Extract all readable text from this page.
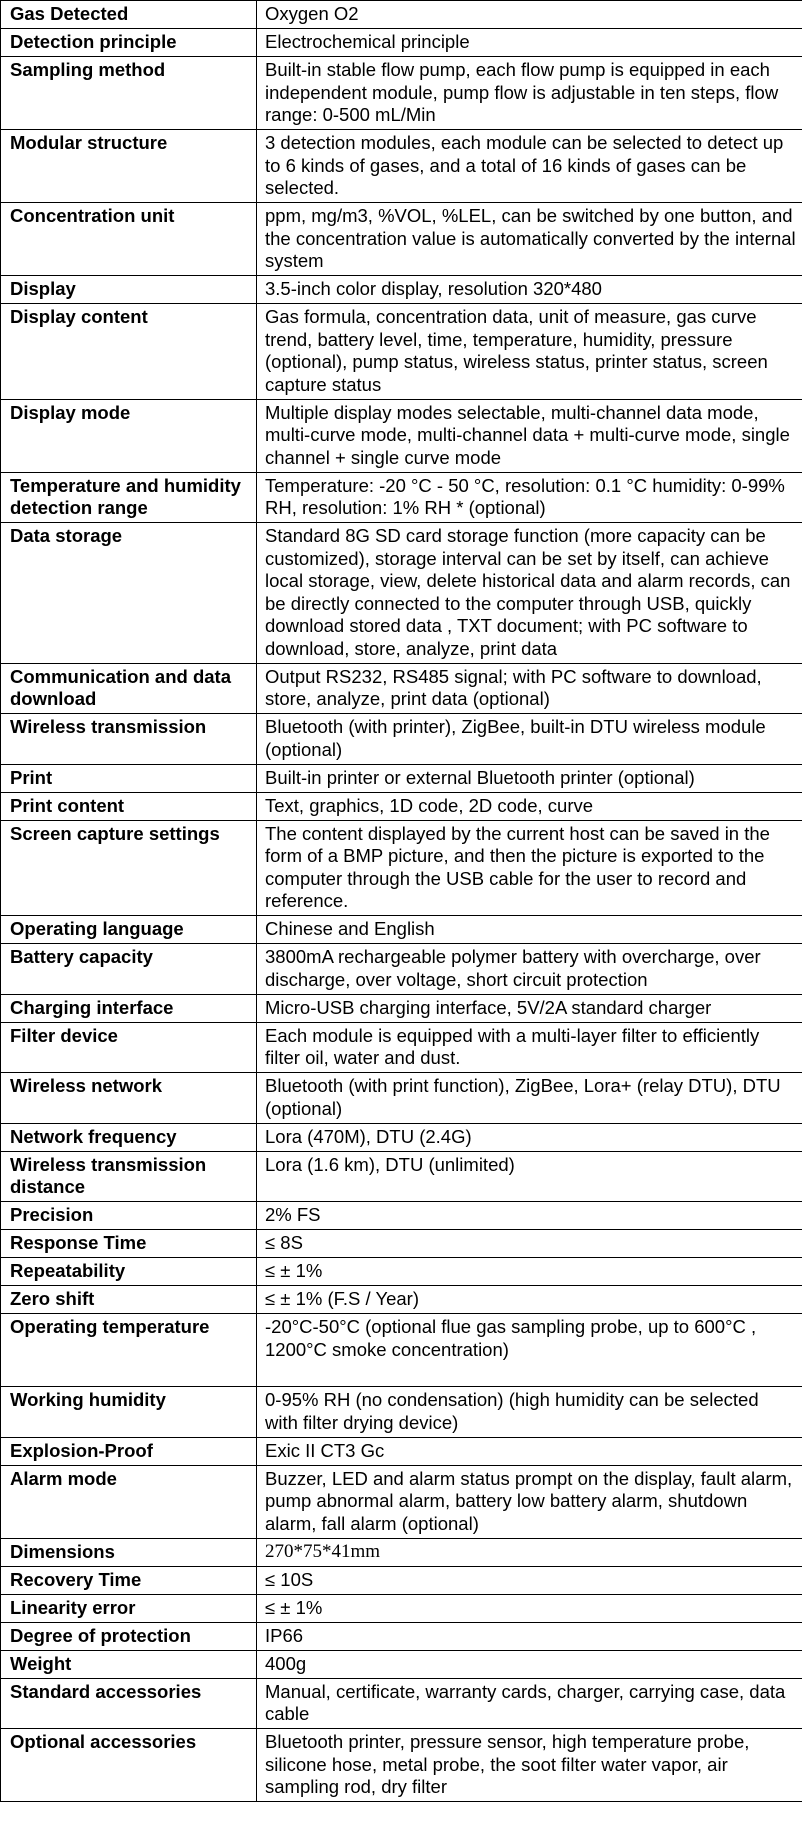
Gas Detected	Oxygen O2
Detection principle	Electrochemical principle
Sampling method	Built-in stable flow pump, each flow pump is equipped in each independent module, pump flow is adjustable in ten steps, flow range: 0-500 mL/Min
Modular structure	3 detection modules, each module can be selected to detect up to 6 kinds of gases, and a total of 16 kinds of gases can be selected.
Concentration unit	ppm, mg/m3, %VOL, %LEL, can be switched by one button, and the concentration value is automatically converted by the internal system
Display	3.5-inch color display, resolution 320*480
Display content	Gas formula, concentration data, unit of measure, gas curve trend, battery level, time, temperature, humidity, pressure (optional), pump status, wireless status, printer status, screen capture status
Display mode	Multiple display modes selectable, multi-channel data mode, multi-curve mode, multi-channel data + multi-curve mode, single channel + single curve mode
Temperature and humidity detection range	Temperature: -20 °C - 50 °C, resolution: 0.1 °C humidity: 0-99% RH, resolution: 1% RH * (optional)
Data storage	Standard 8G SD card storage function (more capacity can be customized), storage interval can be set by itself, can achieve local storage, view, delete historical data and alarm records, can be directly connected to the computer through USB, quickly download stored data , TXT document; with PC software to download, store, analyze, print data
Communication and data download	Output RS232, RS485 signal; with PC software to download, store, analyze, print data (optional)
Wireless transmission	Bluetooth (with printer), ZigBee, built-in DTU wireless module (optional)
Print	Built-in printer or external Bluetooth printer (optional)
Print content	Text, graphics, 1D code, 2D code, curve
Screen capture settings	The content displayed by the current host can be saved in the form of a BMP picture, and then the picture is exported to the computer through the USB cable for the user to record and reference.
Operating language	Chinese and English
Battery capacity	3800mA rechargeable polymer battery with overcharge, over discharge, over voltage, short circuit protection
Charging interface	Micro-USB charging interface, 5V/2A standard charger
Filter device	Each module is equipped with a multi-layer filter to efficiently filter oil, water and dust.
Wireless network	Bluetooth (with print function), ZigBee, Lora+ (relay DTU), DTU (optional)
Network frequency	Lora (470M), DTU (2.4G)
Wireless transmission distance	Lora (1.6 km), DTU (unlimited)
Precision	2% FS
Response Time	≤ 8S
Repeatability	≤ ± 1%
Zero shift	≤ ± 1% (F.S / Year)
Operating temperature	-20°C-50°C (optional flue gas sampling probe, up to 600°C , 1200°C smoke concentration)
Working humidity	0-95% RH (no condensation) (high humidity can be selected with filter drying device)
Explosion-Proof	Exic II CT3 Gc
Alarm mode	Buzzer, LED and alarm status prompt on the display, fault alarm, pump abnormal alarm, battery low battery alarm, shutdown alarm, fall alarm (optional)
Dimensions	270*75*41mm
Recovery Time	≤ 10S
Linearity error	≤ ± 1%
Degree of protection	IP66
Weight	400g
Standard accessories	Manual, certificate, warranty cards, charger, carrying case, data cable
Optional accessories	Bluetooth printer, pressure sensor, high temperature probe, silicone hose, metal probe, the soot filter water vapor, air sampling rod, dry filter
